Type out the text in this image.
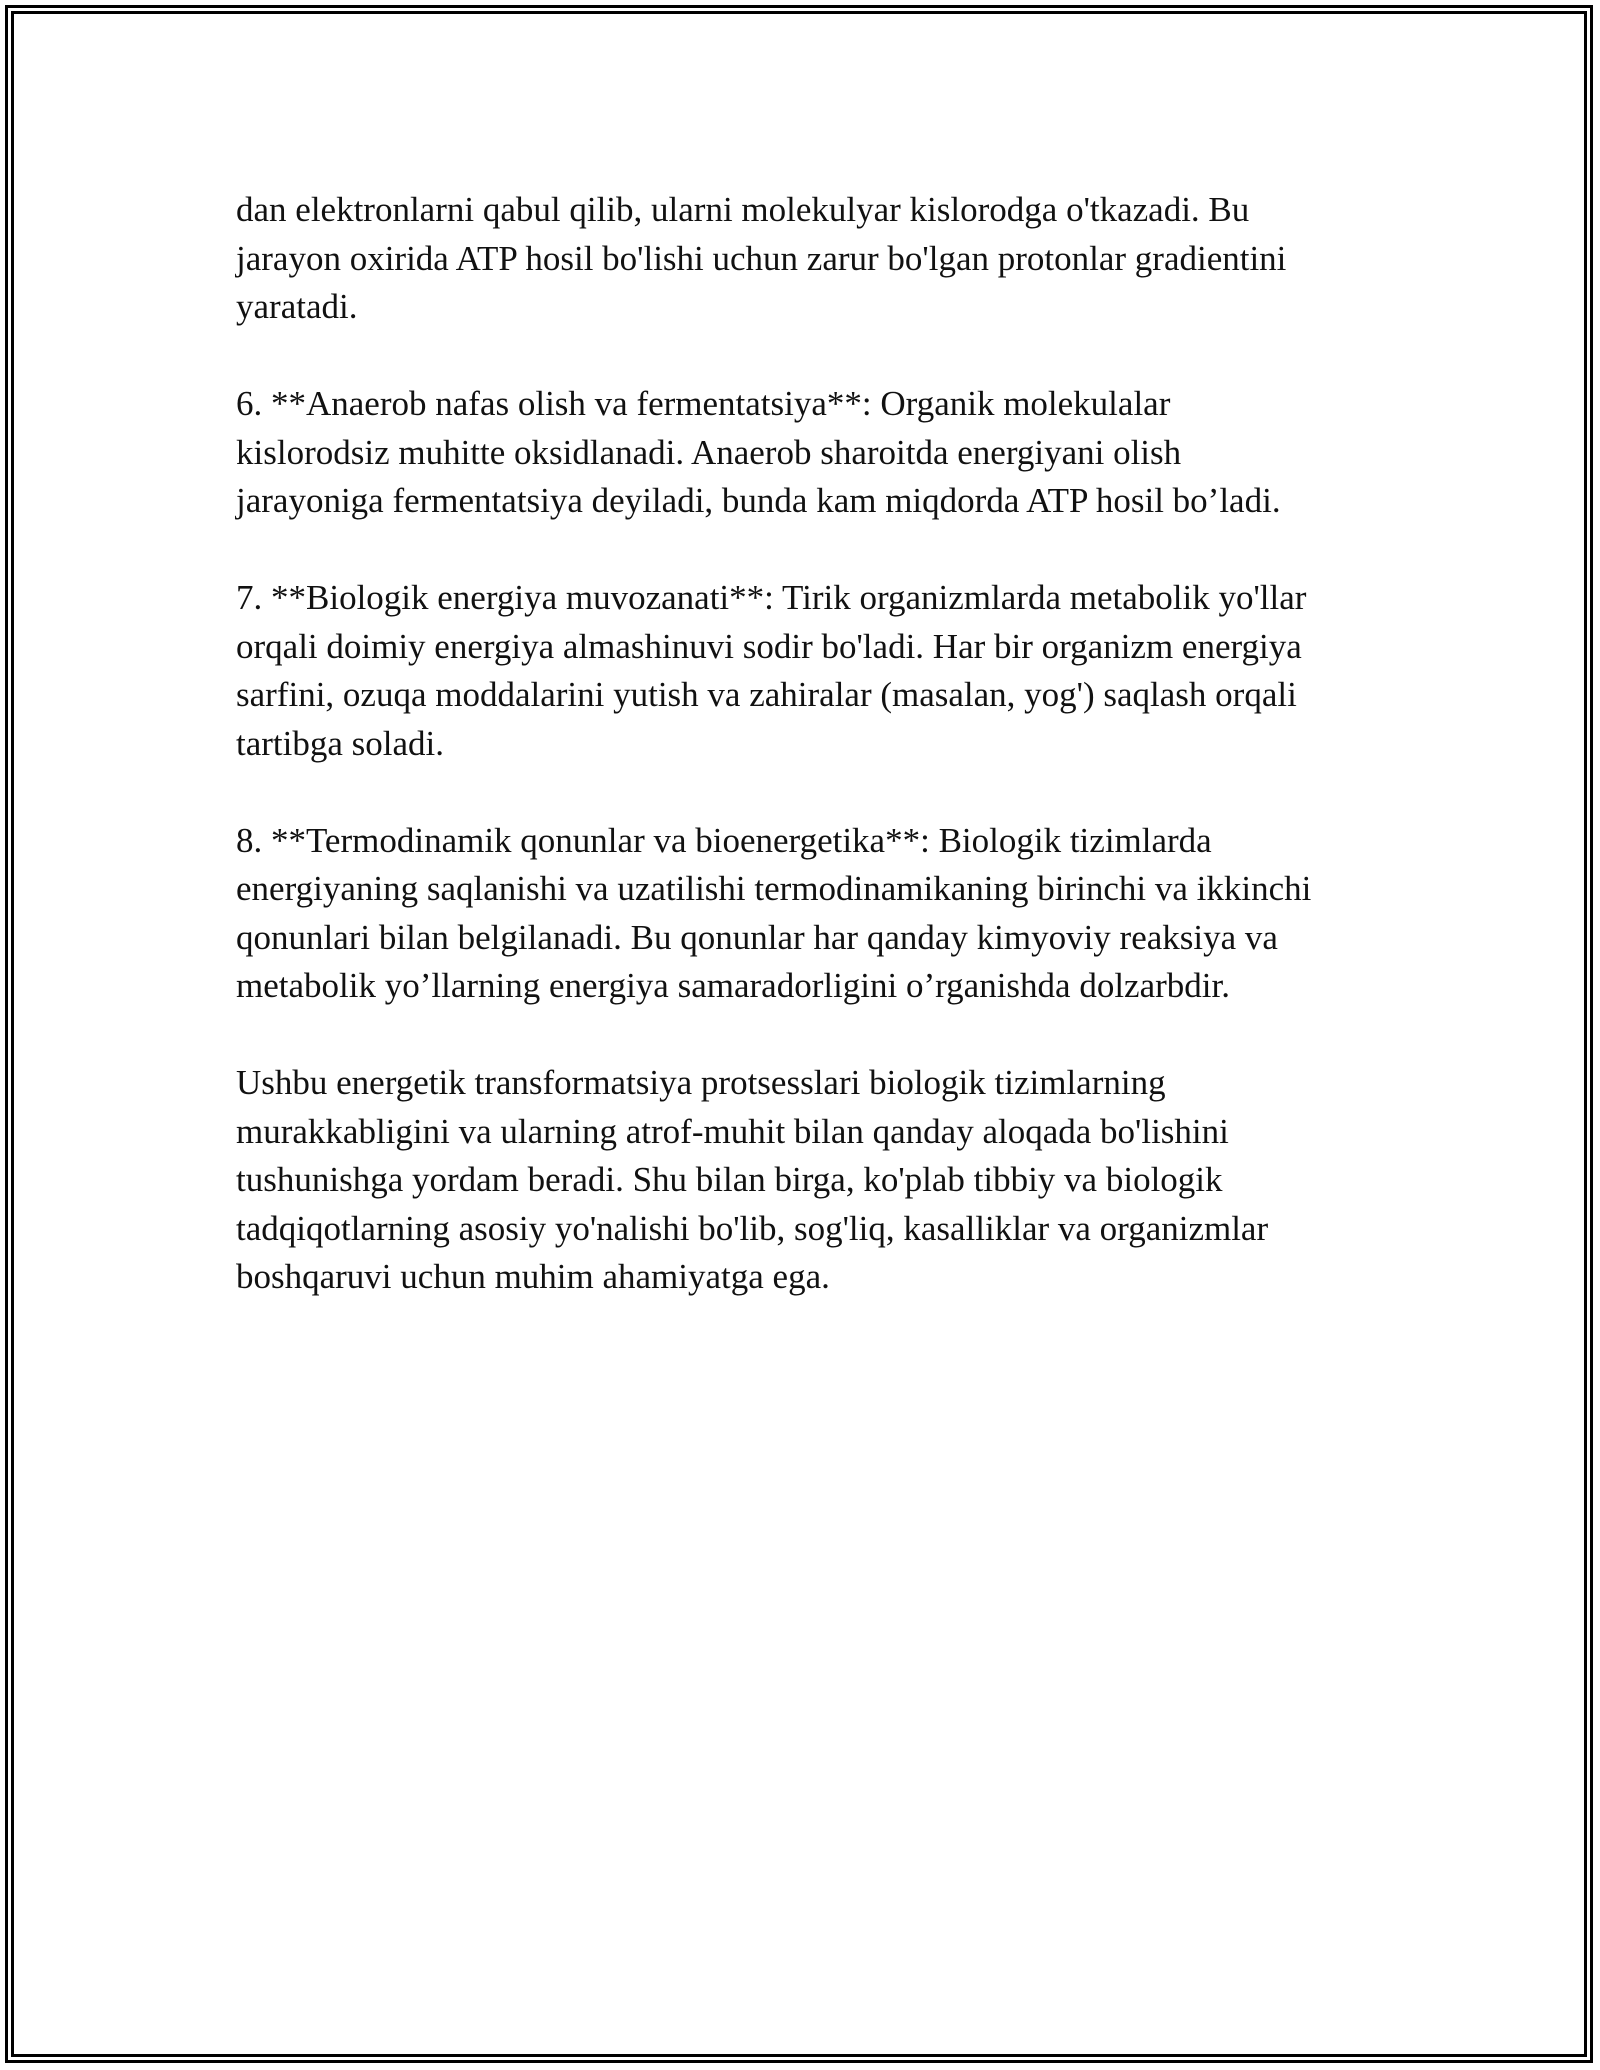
dan elektronlarni qabul qilib, ularni molekulyar kislorodga o'tkazadi. Bu
jarayon oxirida ATP hosil bo'lishi uchun zarur bo'lgan protonlar gradientini
yaratadi.

6. **Anaerob nafas olish va fermentatsiya**: Organik molekulalar
kislorodsiz muhitte oksidlanadi. Anaerob sharoitda energiyani olish
jarayoniga fermentatsiya deyiladi, bunda kam miqdorda ATP hosil bo’ladi.

7. **Biologik energiya muvozanati**: Tirik organizmlarda metabolik yo'llar
orqali doimiy energiya almashinuvi sodir bo'ladi. Har bir organizm energiya
sarfini, ozuqa moddalarini yutish va zahiralar (masalan, yog') saqlash orqali
tartibga soladi.

8. **Termodinamik qonunlar va bioenergetika**: Biologik tizimlarda
energiyaning saqlanishi va uzatilishi termodinamikaning birinchi va ikkinchi
qonunlari bilan belgilanadi. Bu qonunlar har qanday kimyoviy reaksiya va
metabolik yo’llarning energiya samaradorligini o’rganishda dolzarbdir.

Ushbu energetik transformatsiya protsesslari biologik tizimlarning
murakkabligini va ularning atrof-muhit bilan qanday aloqada bo'lishini
tushunishga yordam beradi. Shu bilan birga, ko'plab tibbiy va biologik
tadqiqotlarning asosiy yo'nalishi bo'lib, sog'liq, kasalliklar va organizmlar
boshqaruvi uchun muhim ahamiyatga ega.
